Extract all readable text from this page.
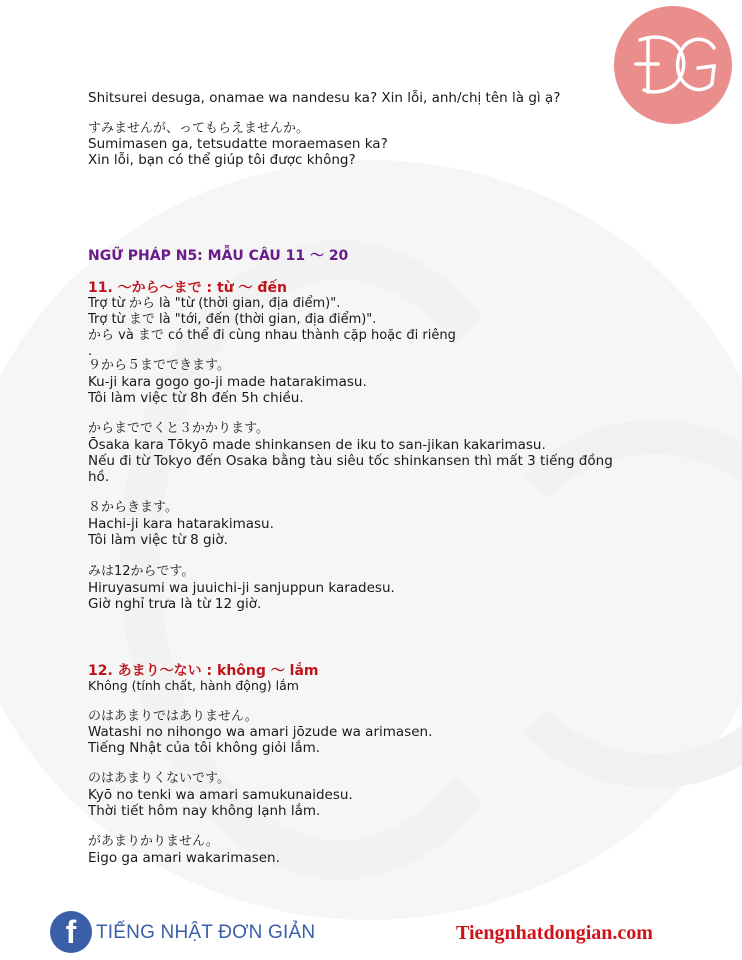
ĐG
Shitsurei desuga, onamae wa nandesu ka? Xin lỗi, anh/chị tên là gì ạ?
すみませんが、ってもらえませんか。
Sumimasen ga, tetsudatte moraemasen ka?
Xin lỗi, bạn có thể giúp tôi được không?
NGỮ PHÁP N5: MẪU CÂU 11 ～ 20
11. ～から～まで : từ ～ đến
Trợ từ から là "từ (thời gian, địa điểm)".
Trợ từ まで là "tới, đến (thời gian, địa điểm)".
から và まで có thể đi cùng nhau thành cặp hoặc đi riêng
.
９から５までできます。
Ku-ji kara gogo go-ji made hatarakimasu.
Tôi làm việc từ 8h đến 5h chiều.
からまででくと３かかります。
Ōsaka kara Tōkyō made shinkansen de iku to san-jikan kakarimasu.
Nếu đi từ Tokyo đến Osaka bằng tàu siêu tốc shinkansen thì mất 3 tiếng đồng
hồ.
８からきます。
Hachi-ji kara hatarakimasu.
Tôi làm việc từ 8 giờ.
みは12からです。
Hiruyasumi wa juuichi-ji sanjuppun karadesu.
Giờ nghỉ trưa là từ 12 giờ.
12. あまり～ない : không ～ lắm
Không (tính chất, hành động) lắm
のはあまりではありません。
Watashi no nihongo wa amari jōzude wa arimasen.
Tiếng Nhật của tôi không giỏi lắm.
のはあまりくないです。
Kyō no tenki wa amari samukunaidesu.
Thời tiết hôm nay không lạnh lắm.
があまりかりません。
Eigo ga amari wakarimasen.
f	TIẾNG NHẬT ĐƠN GIẢN	Tiengnhatdongian.com
